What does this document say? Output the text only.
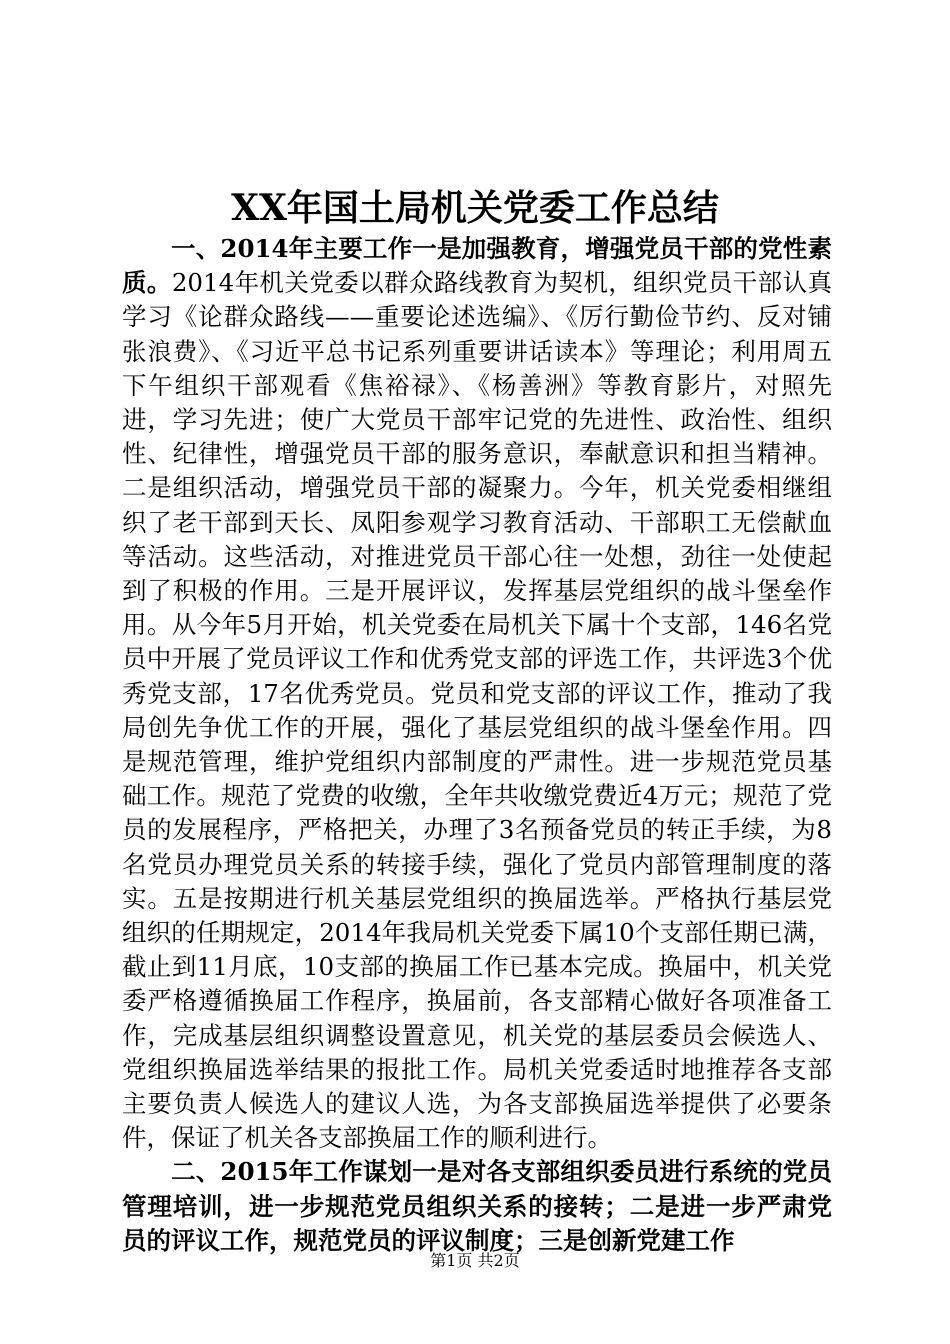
XX年国土局机关党委工作总结

一、2014年主要工作一是加强教育，增强党员干部的党性素质。2014年机关党委以群众路线教育为契机，组织党员干部认真学习《论群众路线——重要论述选编》、《厉行勤俭节约、反对铺张浪费》、《习近平总书记系列重要讲话读本》等理论；利用周五下午组织干部观看《焦裕禄》、《杨善洲》等教育影片，对照先进，学习先进；使广大党员干部牢记党的先进性、政治性、组织性、纪律性，增强党员干部的服务意识，奉献意识和担当精神。二是组织活动，增强党员干部的凝聚力。今年，机关党委相继组织了老干部到天长、凤阳参观学习教育活动、干部职工无偿献血等活动。这些活动，对推进党员干部心往一处想，劲往一处使起到了积极的作用。三是开展评议，发挥基层党组织的战斗堡垒作用。从今年5月开始，机关党委在局机关下属十个支部，146名党员中开展了党员评议工作和优秀党支部的评选工作，共评选3个优秀党支部，17名优秀党员。党员和党支部的评议工作，推动了我局创先争优工作的开展，强化了基层党组织的战斗堡垒作用。四是规范管理，维护党组织内部制度的严肃性。进一步规范党员基础工作。规范了党费的收缴，全年共收缴党费近4万元；规范了党员的发展程序，严格把关，办理了3名预备党员的转正手续，为8名党员办理党员关系的转接手续，强化了党员内部管理制度的落实。五是按期进行机关基层党组织的换届选举。严格执行基层党组织的任期规定，2014年我局机关党委下属10个支部任期已满，截止到11月底，10支部的换届工作已基本完成。换届中，机关党委严格遵循换届工作程序，换届前，各支部精心做好各项准备工作，完成基层组织调整设置意见，机关党的基层委员会候选人、党组织换届选举结果的报批工作。局机关党委适时地推荐各支部主要负责人候选人的建议人选，为各支部换届选举提供了必要条件，保证了机关各支部换届工作的顺利进行。

二、2015年工作谋划一是对各支部组织委员进行系统的党员管理培训，进一步规范党员组织关系的接转；二是进一步严肃党员的评议工作，规范党员的评议制度；三是创新党建工作

第1页 共2页
